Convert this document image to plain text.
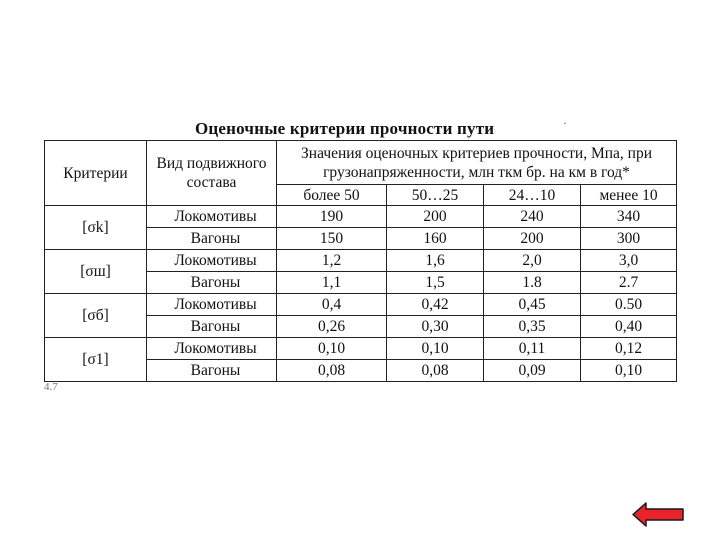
Оценочные критерии прочности пути	·
Критерии	Вид подвижного состава	Значения оценочных критериев прочности, Мпа, при грузонапряженности, млн ткм бр. на км в год*			
		более 50	50…25	24…10	менее 10
[σk]	Локомотивы	190	200	240	340
	Вагоны	150	160	200	300
[σш]	Локомотивы	1,2	1,6	2,0	3,0
	Вагоны	1,1	1,5	1.8	2.7
[σб]	Локомотивы	0,4	0,42	0,45	0.50
	Вагоны	0,26	0,30	0,35	0,40
[σ1]	Локомотивы	0,10	0,10	0,11	0,12
	Вагоны	0,08	0,08	0,09	0,10
4.7
